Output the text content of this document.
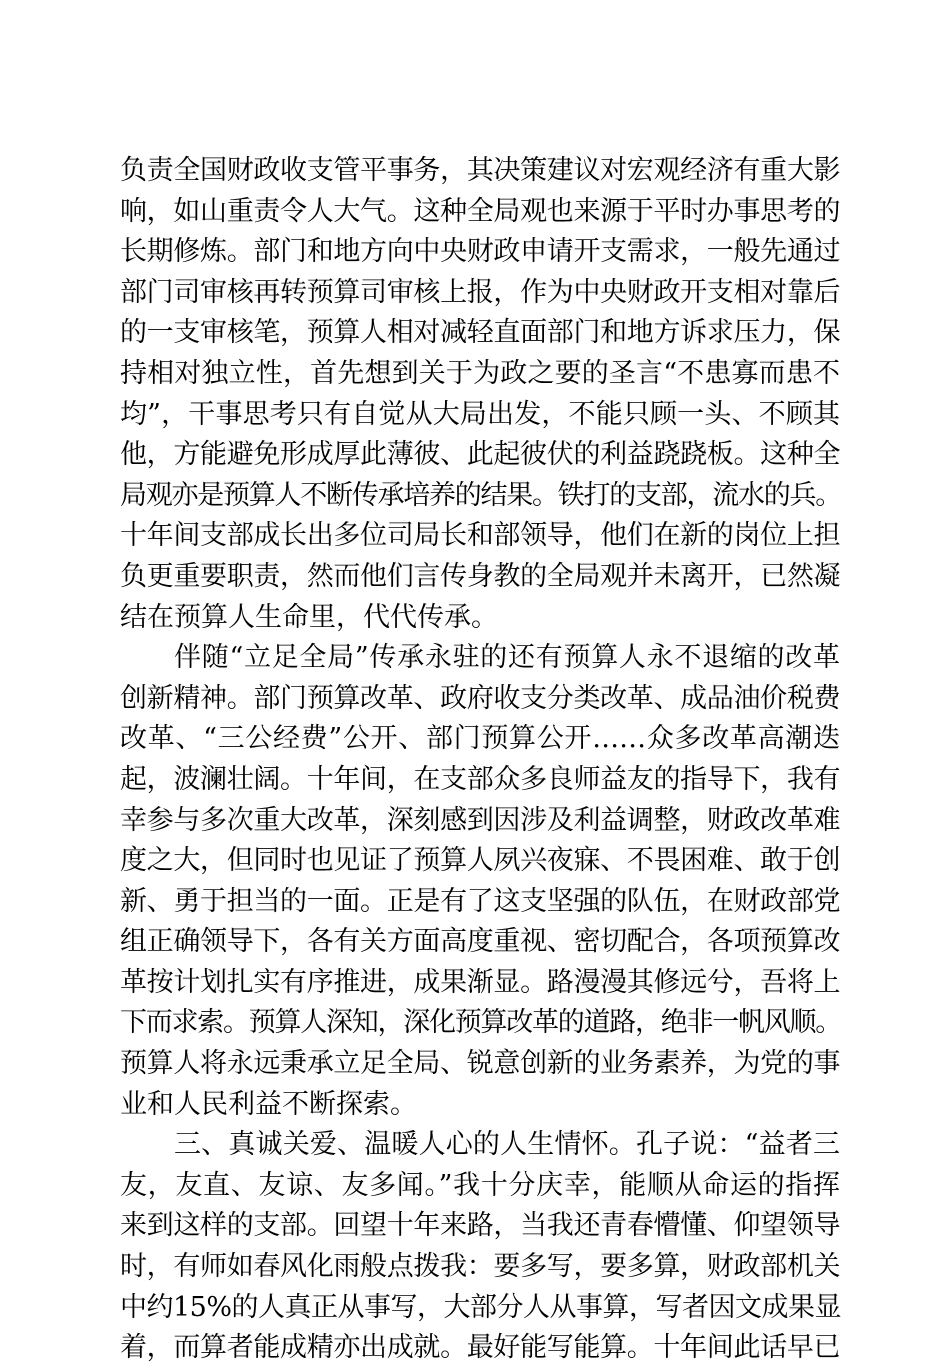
负责全国财政收支管平事务，其决策建议对宏观经济有重大影
响，如山重责令人大气。这种全局观也来源于平时办事思考的
长期修炼。部门和地方向中央财政申请开支需求，一般先通过
部门司审核再转预算司审核上报，作为中央财政开支相对靠后
的一支审核笔，预算人相对减轻直面部门和地方诉求压力，保
持相对独立性，首先想到关于为政之要的圣言“不患寡而患不
均”，干事思考只有自觉从大局出发，不能只顾一头、不顾其
他，方能避免形成厚此薄彼、此起彼伏的利益跷跷板。这种全
局观亦是预算人不断传承培养的结果。铁打的支部，流水的兵。
十年间支部成长出多位司局长和部领导，他们在新的岗位上担
负更重要职责，然而他们言传身教的全局观并未离开，已然凝
结在预算人生命里，代代传承。
伴随“立足全局”传承永驻的还有预算人永不退缩的改革
创新精神。部门预算改革、政府收支分类改革、成品油价税费
改革、“三公经费”公开、部门预算公开……众多改革高潮迭
起，波澜壮阔。十年间，在支部众多良师益友的指导下，我有
幸参与多次重大改革，深刻感到因涉及利益调整，财政改革难
度之大，但同时也见证了预算人夙兴夜寐、不畏困难、敢于创
新、勇于担当的一面。正是有了这支坚强的队伍，在财政部党
组正确领导下，各有关方面高度重视、密切配合，各项预算改
革按计划扎实有序推进，成果渐显。路漫漫其修远兮，吾将上
下而求索。预算人深知，深化预算改革的道路，绝非一帆风顺。
预算人将永远秉承立足全局、锐意创新的业务素养，为党的事
业和人民利益不断探索。
三、真诚关爱、温暖人心的人生情怀。孔子说：“益者三
友，友直、友谅、友多闻。”我十分庆幸，能顺从命运的指挥
来到这样的支部。回望十年来路，当我还青春懵懂、仰望领导
时，有师如春风化雨般点拨我：要多写，要多算，财政部机关
中约15%的人真正从事写，大部分人从事算，写者因文成果显
着，而算者能成精亦出成就。最好能写能算。十年间此话早已
